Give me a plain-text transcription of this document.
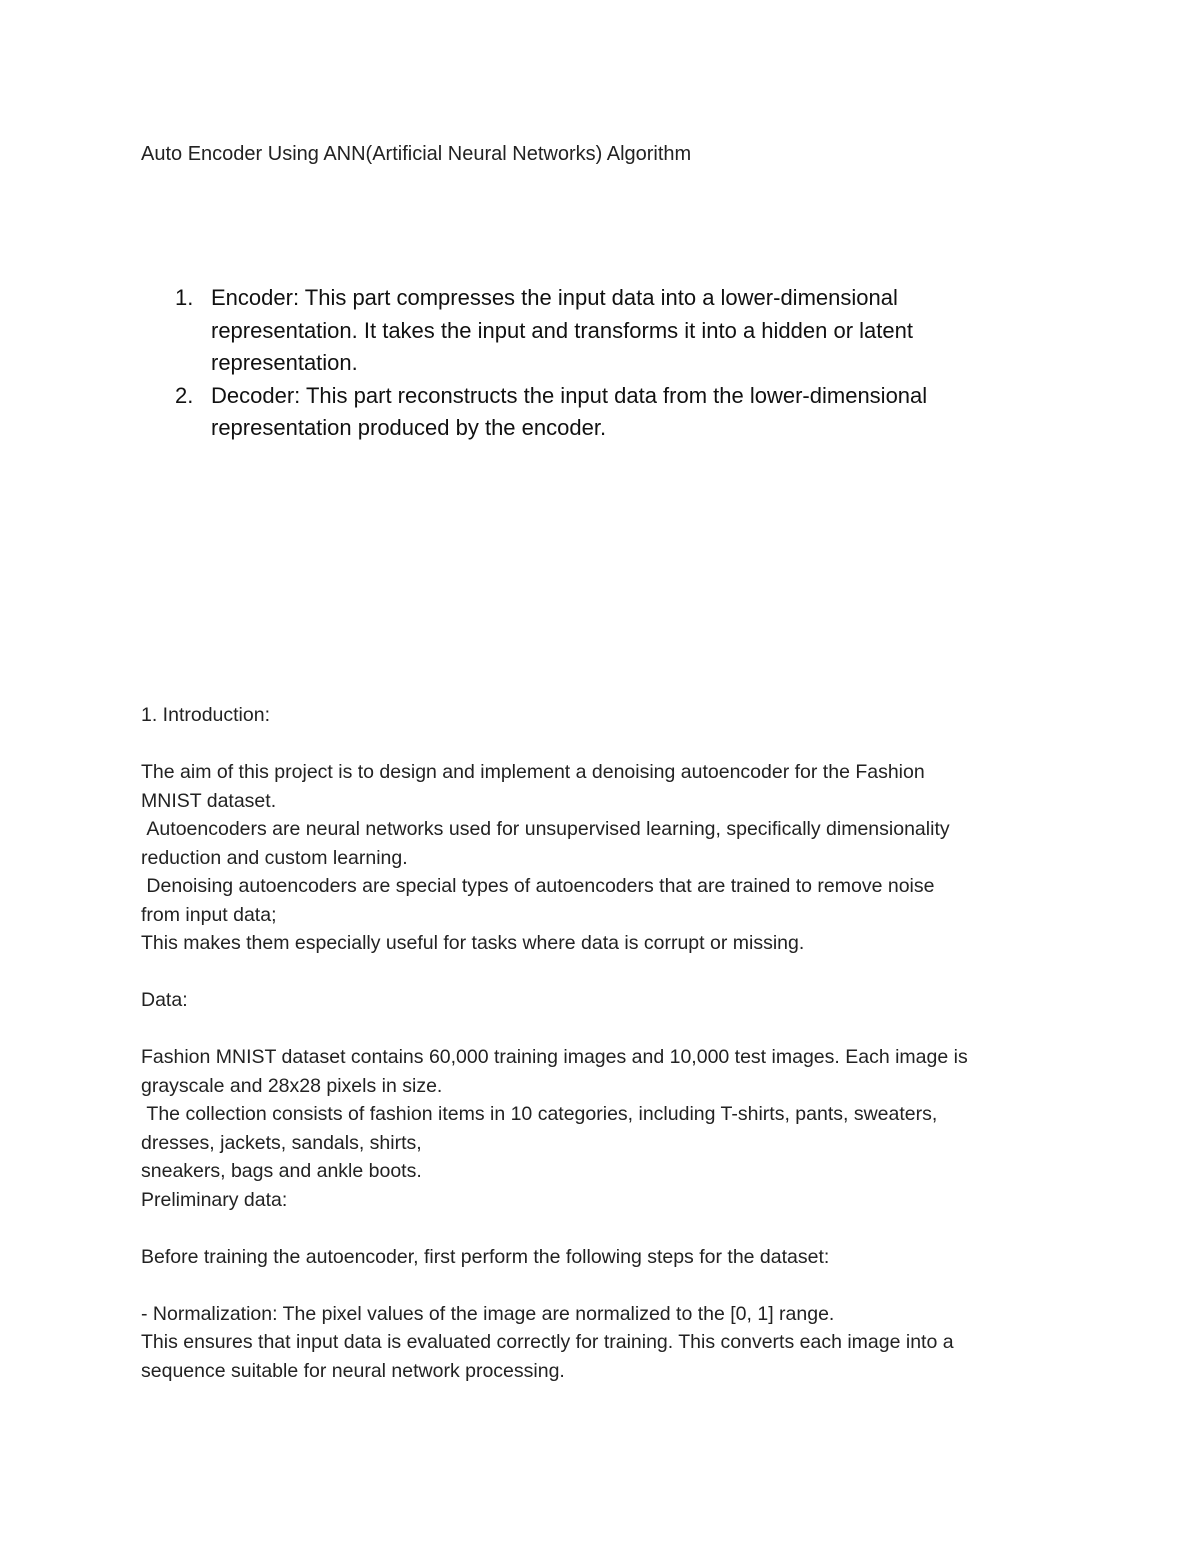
Auto Encoder Using ANN(Artificial Neural Networks) Algorithm
1. Encoder: This part compresses the input data into a lower-dimensional
representation. It takes the input and transforms it into a hidden or latent
representation.
2. Decoder: This part reconstructs the input data from the lower-dimensional
representation produced by the encoder.

1. Introduction:

The aim of this project is to design and implement a denoising autoencoder for the Fashion

MNIST dataset.

Autoencoders are neural networks used for unsupervised learning, specifically dimensionality

reduction and custom learning.

Denoising autoencoders are special types of autoencoders that are trained to remove noise

from input data;

This makes them especially useful for tasks where data is corrupt or missing.

Data:

Fashion MNIST dataset contains 60,000 training images and 10,000 test images. Each image is

grayscale and 28x28 pixels in size.

The collection consists of fashion items in 10 categories, including T-shirts, pants, sweaters,

dresses, jackets, sandals, shirts,

sneakers, bags and ankle boots.

Preliminary data:

Before training the autoencoder, first perform the following steps for the dataset:

- Normalization: The pixel values of the image are normalized to the [0, 1] range.

This ensures that input data is evaluated correctly for training. This converts each image into a

sequence suitable for neural network processing.
